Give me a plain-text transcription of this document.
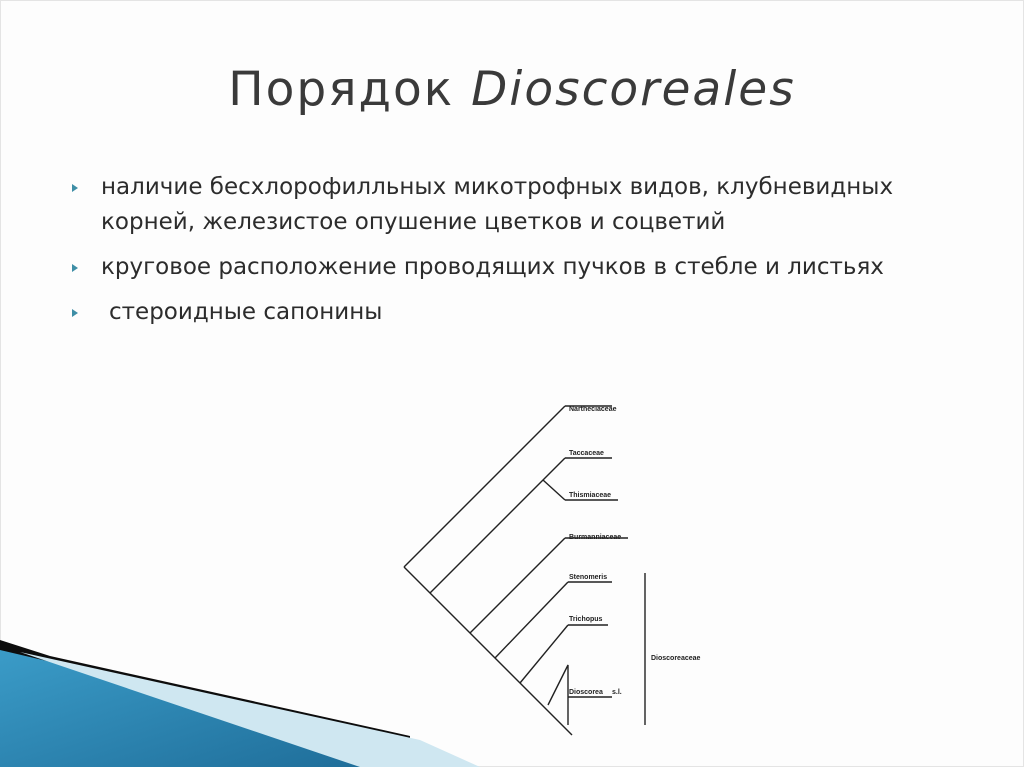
Порядок Dioscoreales
наличие бесхлорофилльных микотрофных видов, клубневидных корней, железистое опушение цветков и соцветий
круговое расположение проводящих пучков в стебле и листьях
стероидные сапонины
Nartheciaceae
Taccaceae
Thismiaceae
Burmanniaceae
Stenomeris
Trichopus
Dioscorea s.l.
Dioscoreaceae
